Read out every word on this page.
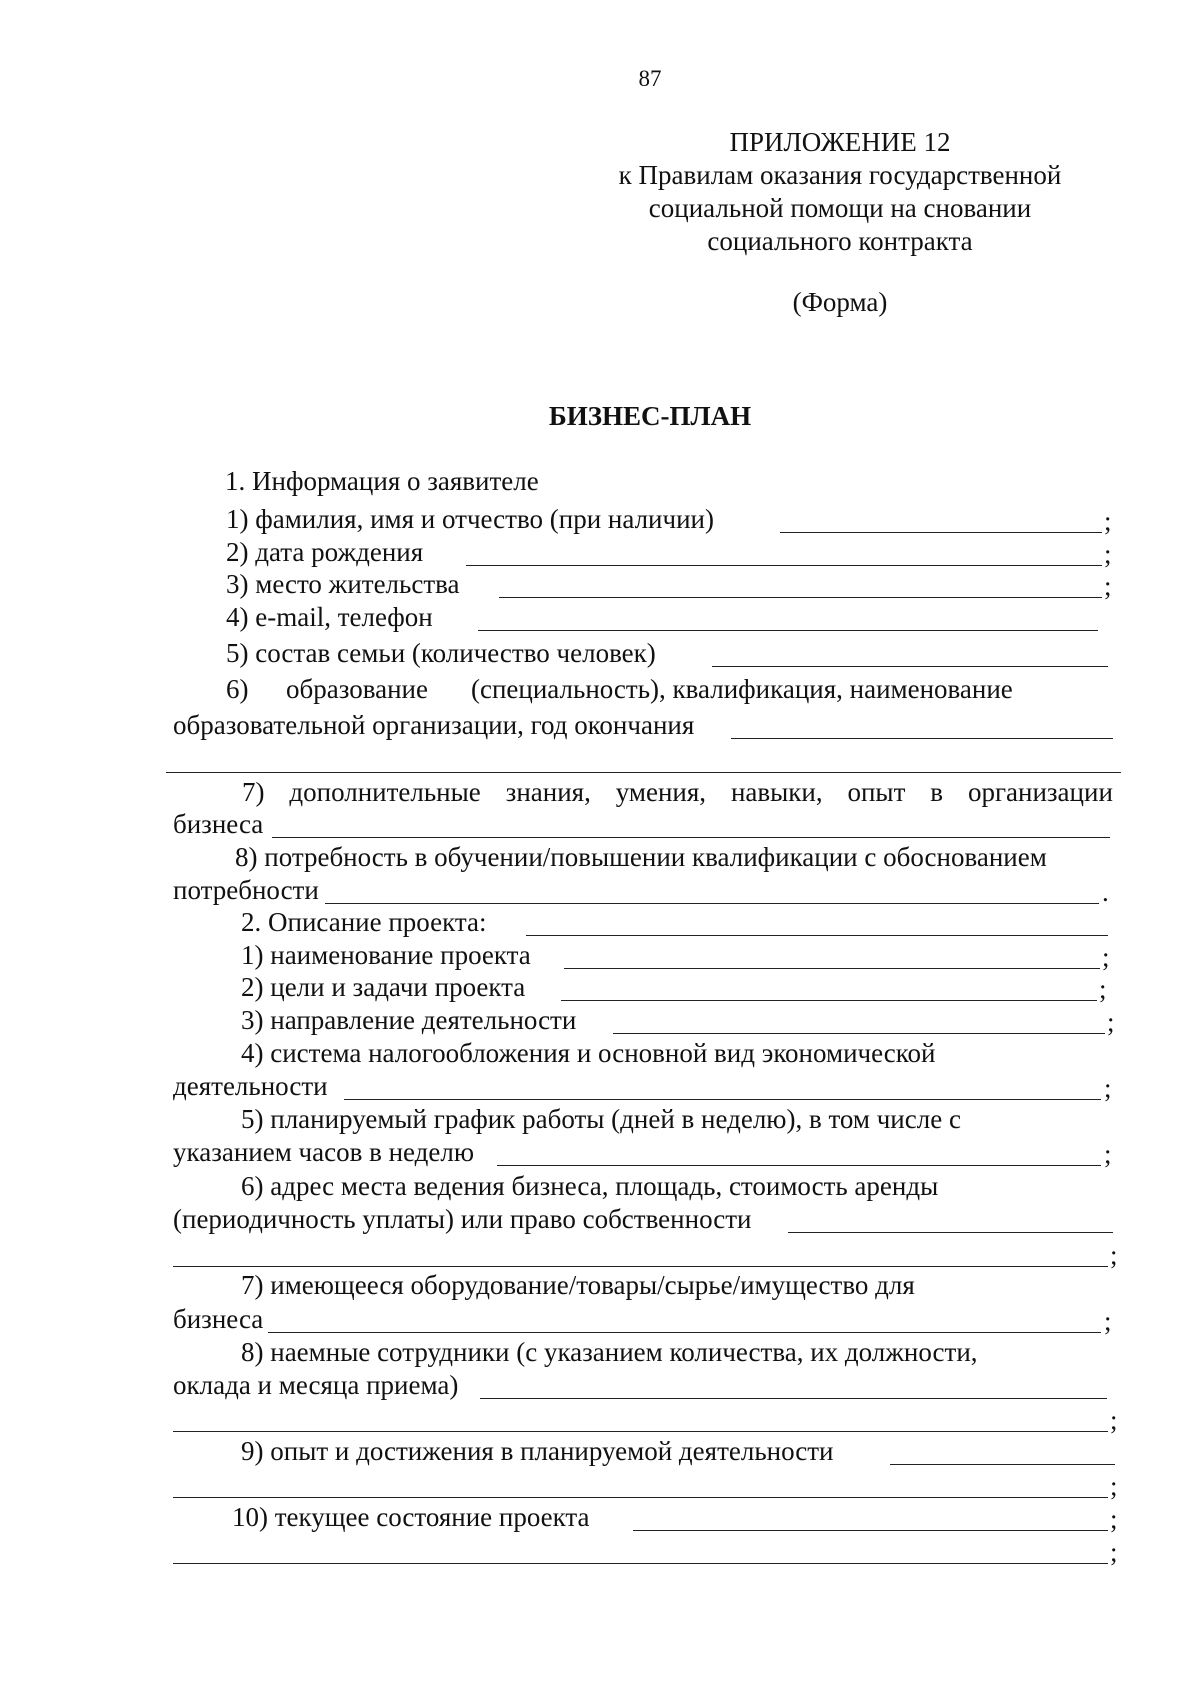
87
ПРИЛОЖЕНИЕ 12
к Правилам оказания государственной
социальной помощи на сновании
социального контракта
(Форма)
БИЗНЕС-ПЛАН
1. Информация о заявителе
1) фамилия, имя и отчество (при наличии)	;
2) дата рождения	;
3) место жительства	;
4) e-mail, телефон
5) состав семьи (количество человек)
6)	образование	(специальность), квалификация, наименование
образовательной организации, год окончания
7) дополнительные знания, умения, навыки, опыт в организации
бизнеса
8) потребность в обучении/повышении квалификации с обоснованием
потребности	.
2. Описание проекта:
1) наименование проекта	;
2) цели и задачи проекта	;
3) направление деятельности	;
4) система налогообложения и основной вид экономической
деятельности	;
5) планируемый график работы (дней в неделю), в том числе с
указанием часов в неделю	;
6) адрес места ведения бизнеса, площадь, стоимость аренды
(периодичность уплаты) или право собственности
;
7) имеющееся оборудование/товары/сырье/имущество для
бизнеса	;
8) наемные сотрудники (с указанием количества, их должности,
оклада и месяца приема)
;
9) опыт и достижения в планируемой деятельности
;
10) текущее состояние проекта	;
;
